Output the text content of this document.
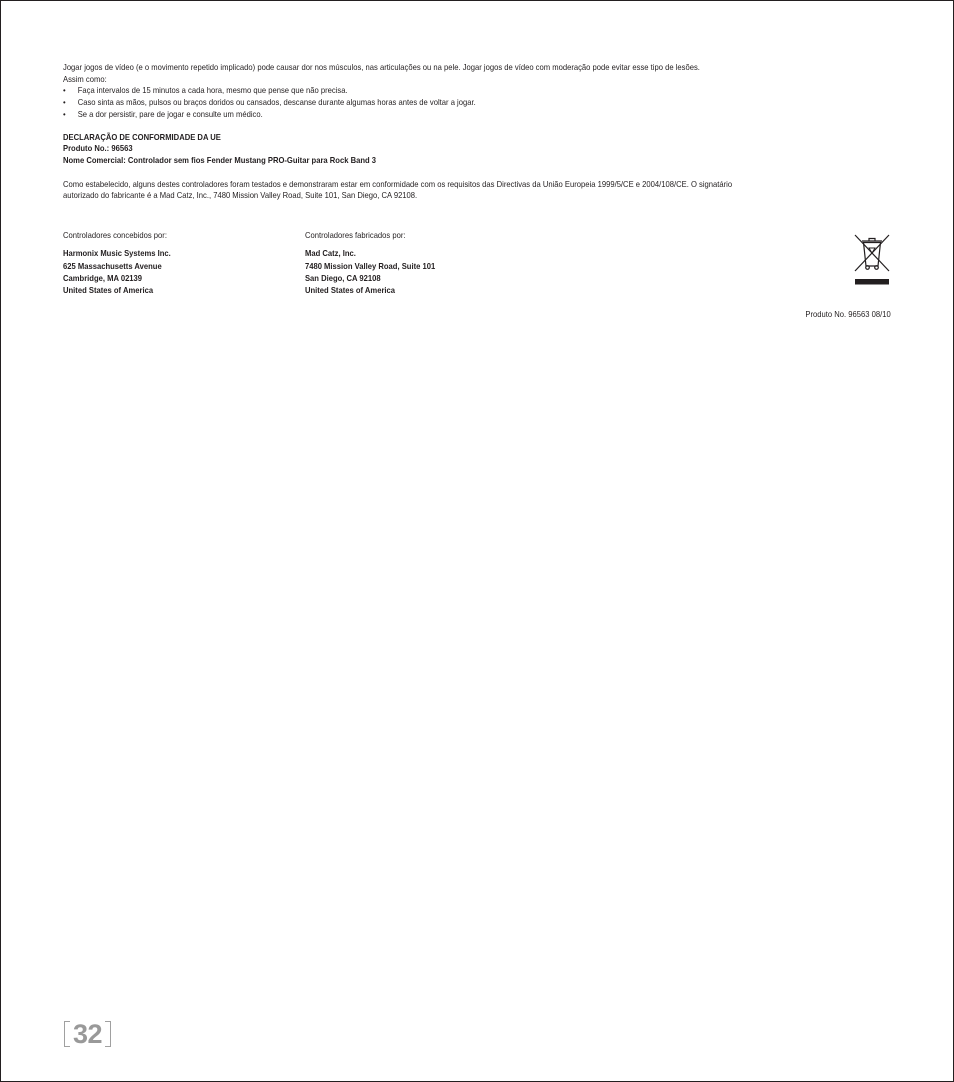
Jogar jogos de vídeo (e o movimento repetido implicado) pode causar dor nos músculos, nas articulações ou na pele. Jogar jogos de vídeo com moderação pode evitar esse tipo de lesões.

Assim como:

• Faça intervalos de 15 minutos a cada hora, mesmo que pense que não precisa.
• Caso sinta as mãos, pulsos ou braços doridos ou cansados, descanse durante algumas horas antes de voltar a jogar.
• Se a dor persistir, pare de jogar e consulte um médico.

DECLARAÇÃO DE CONFORMIDADE DA UE

Produto No.: 96563

Nome Comercial: Controlador sem fios Fender Mustang PRO-Guitar para Rock Band 3

Como estabelecido, alguns destes controladores foram testados e demonstraram estar em conformidade com os requisitos das Directivas da União Europeia 1999/5/CE e 2004/108/CE. O signatário

autorizado do fabricante é a Mad Catz, Inc., 7480 Mission Valley Road, Suite 101, San Diego, CA 92108.

Controladores concebidos por:

Harmonix Music Systems Inc.

625 Massachusetts Avenue

Cambridge, MA 02139

United States of America

Controladores fabricados por:

Mad Catz, Inc.

7480 Mission Valley Road, Suite 101

San Diego, CA 92108

United States of America

Produto No. 96563 08/10
32
